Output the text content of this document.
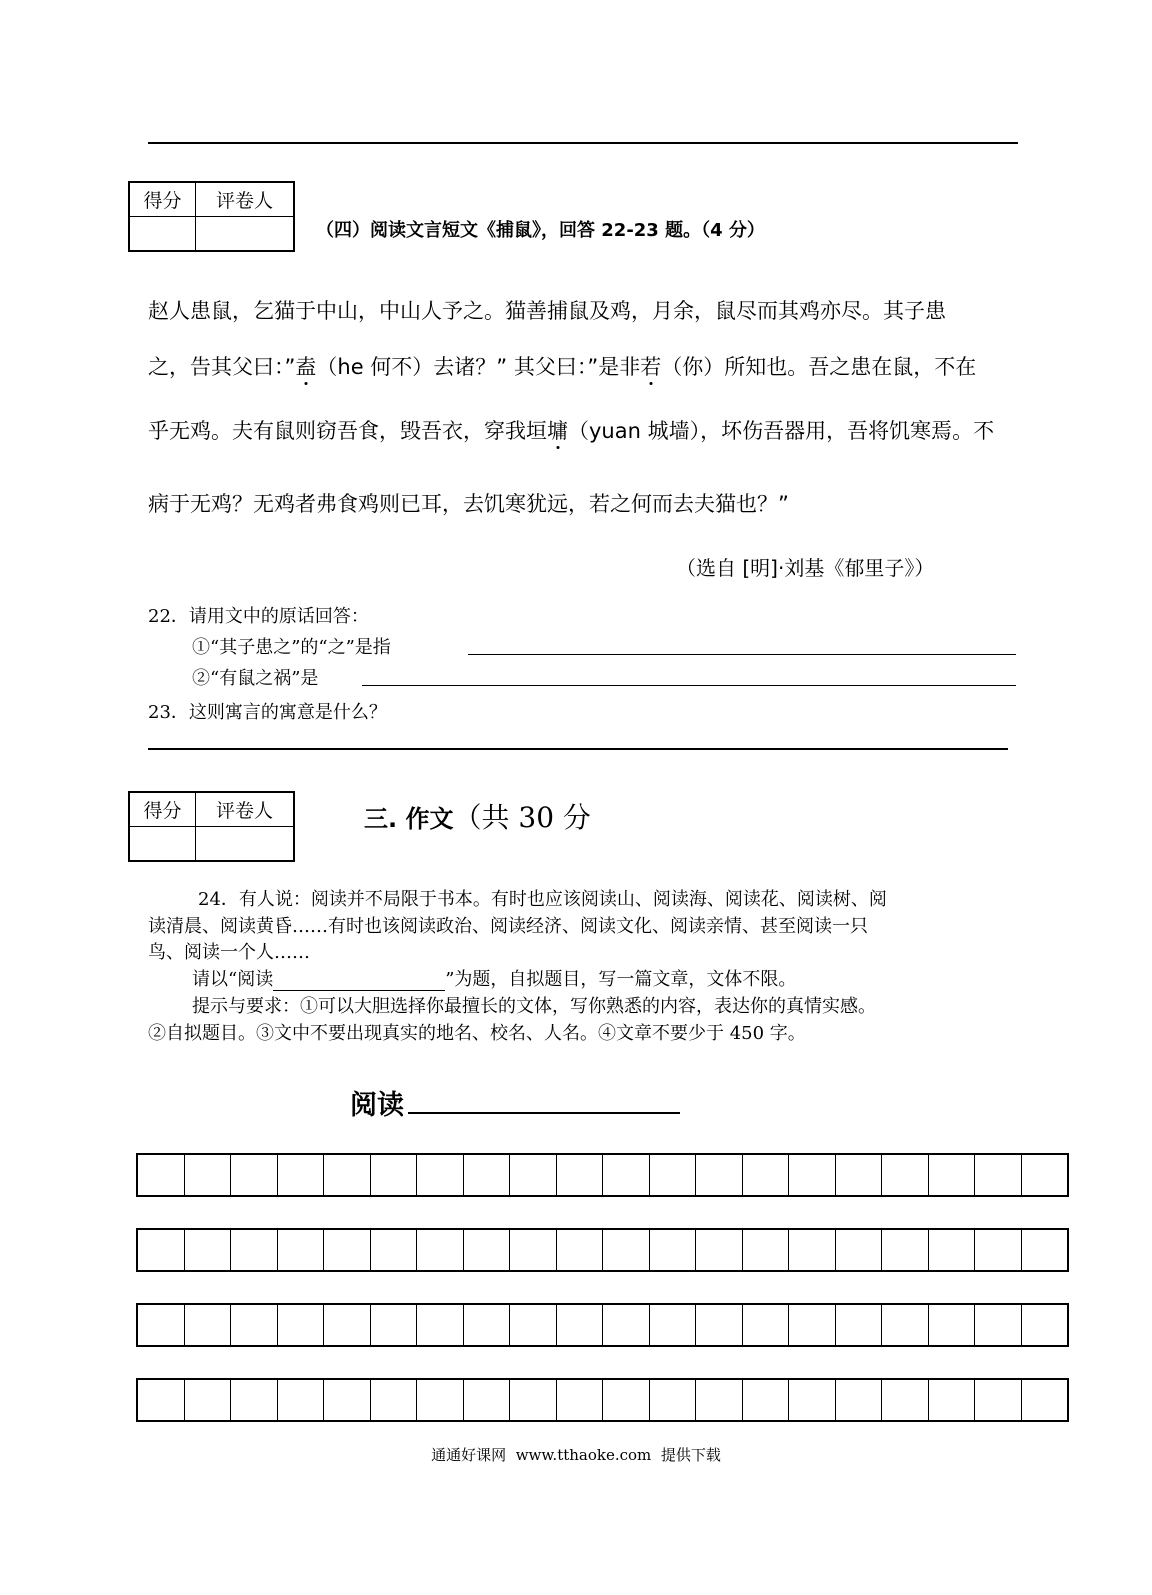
得分	评卷人

（四）阅读文言短文《捕鼠》，回答 22-23 题。（4 分）
赵人患鼠，乞猫于中山，中山人予之。猫善捕鼠及鸡，月余，鼠尽而其鸡亦尽。其子患
之，告其父曰：”盍（he 何不）去诸？” 其父曰：”是非若（你）所知也。吾之患在鼠，不在
乎无鸡。夫有鼠则窃吾食，毁吾衣，穿我垣墉（yuan 城墙），坏伤吾器用，吾将饥寒焉。不
病于无鸡？无鸡者弗食鸡则已耳，去饥寒犹远，若之何而去夫猫也？”
（选自 [明]·刘基《郁里子》）
22．请用文中的原话回答：
①“其子患之”的“之”是指
②“有鼠之祸”是
23．这则寓言的寓意是什么？
得分	评卷人
		三. 作文（共 30 分
24．有人说：阅读并不局限于书本。有时也应该阅读山、阅读海、阅读花、阅读树、阅
读清晨、阅读黄昏……有时也该阅读政治、阅读经济、阅读文化、阅读亲情、甚至阅读一只
鸟、阅读一个人……
请以“阅读	”为题，自拟题目，写一篇文章，文体不限。
提示与要求：①可以大胆选择你最擅长的文体，写你熟悉的内容，表达你的真情实感。
②自拟题目。③文中不要出现真实的地名、校名、人名。④文章不要少于 450 字。
阅读
通通好课网  www.tthaoke.com  提供下载
